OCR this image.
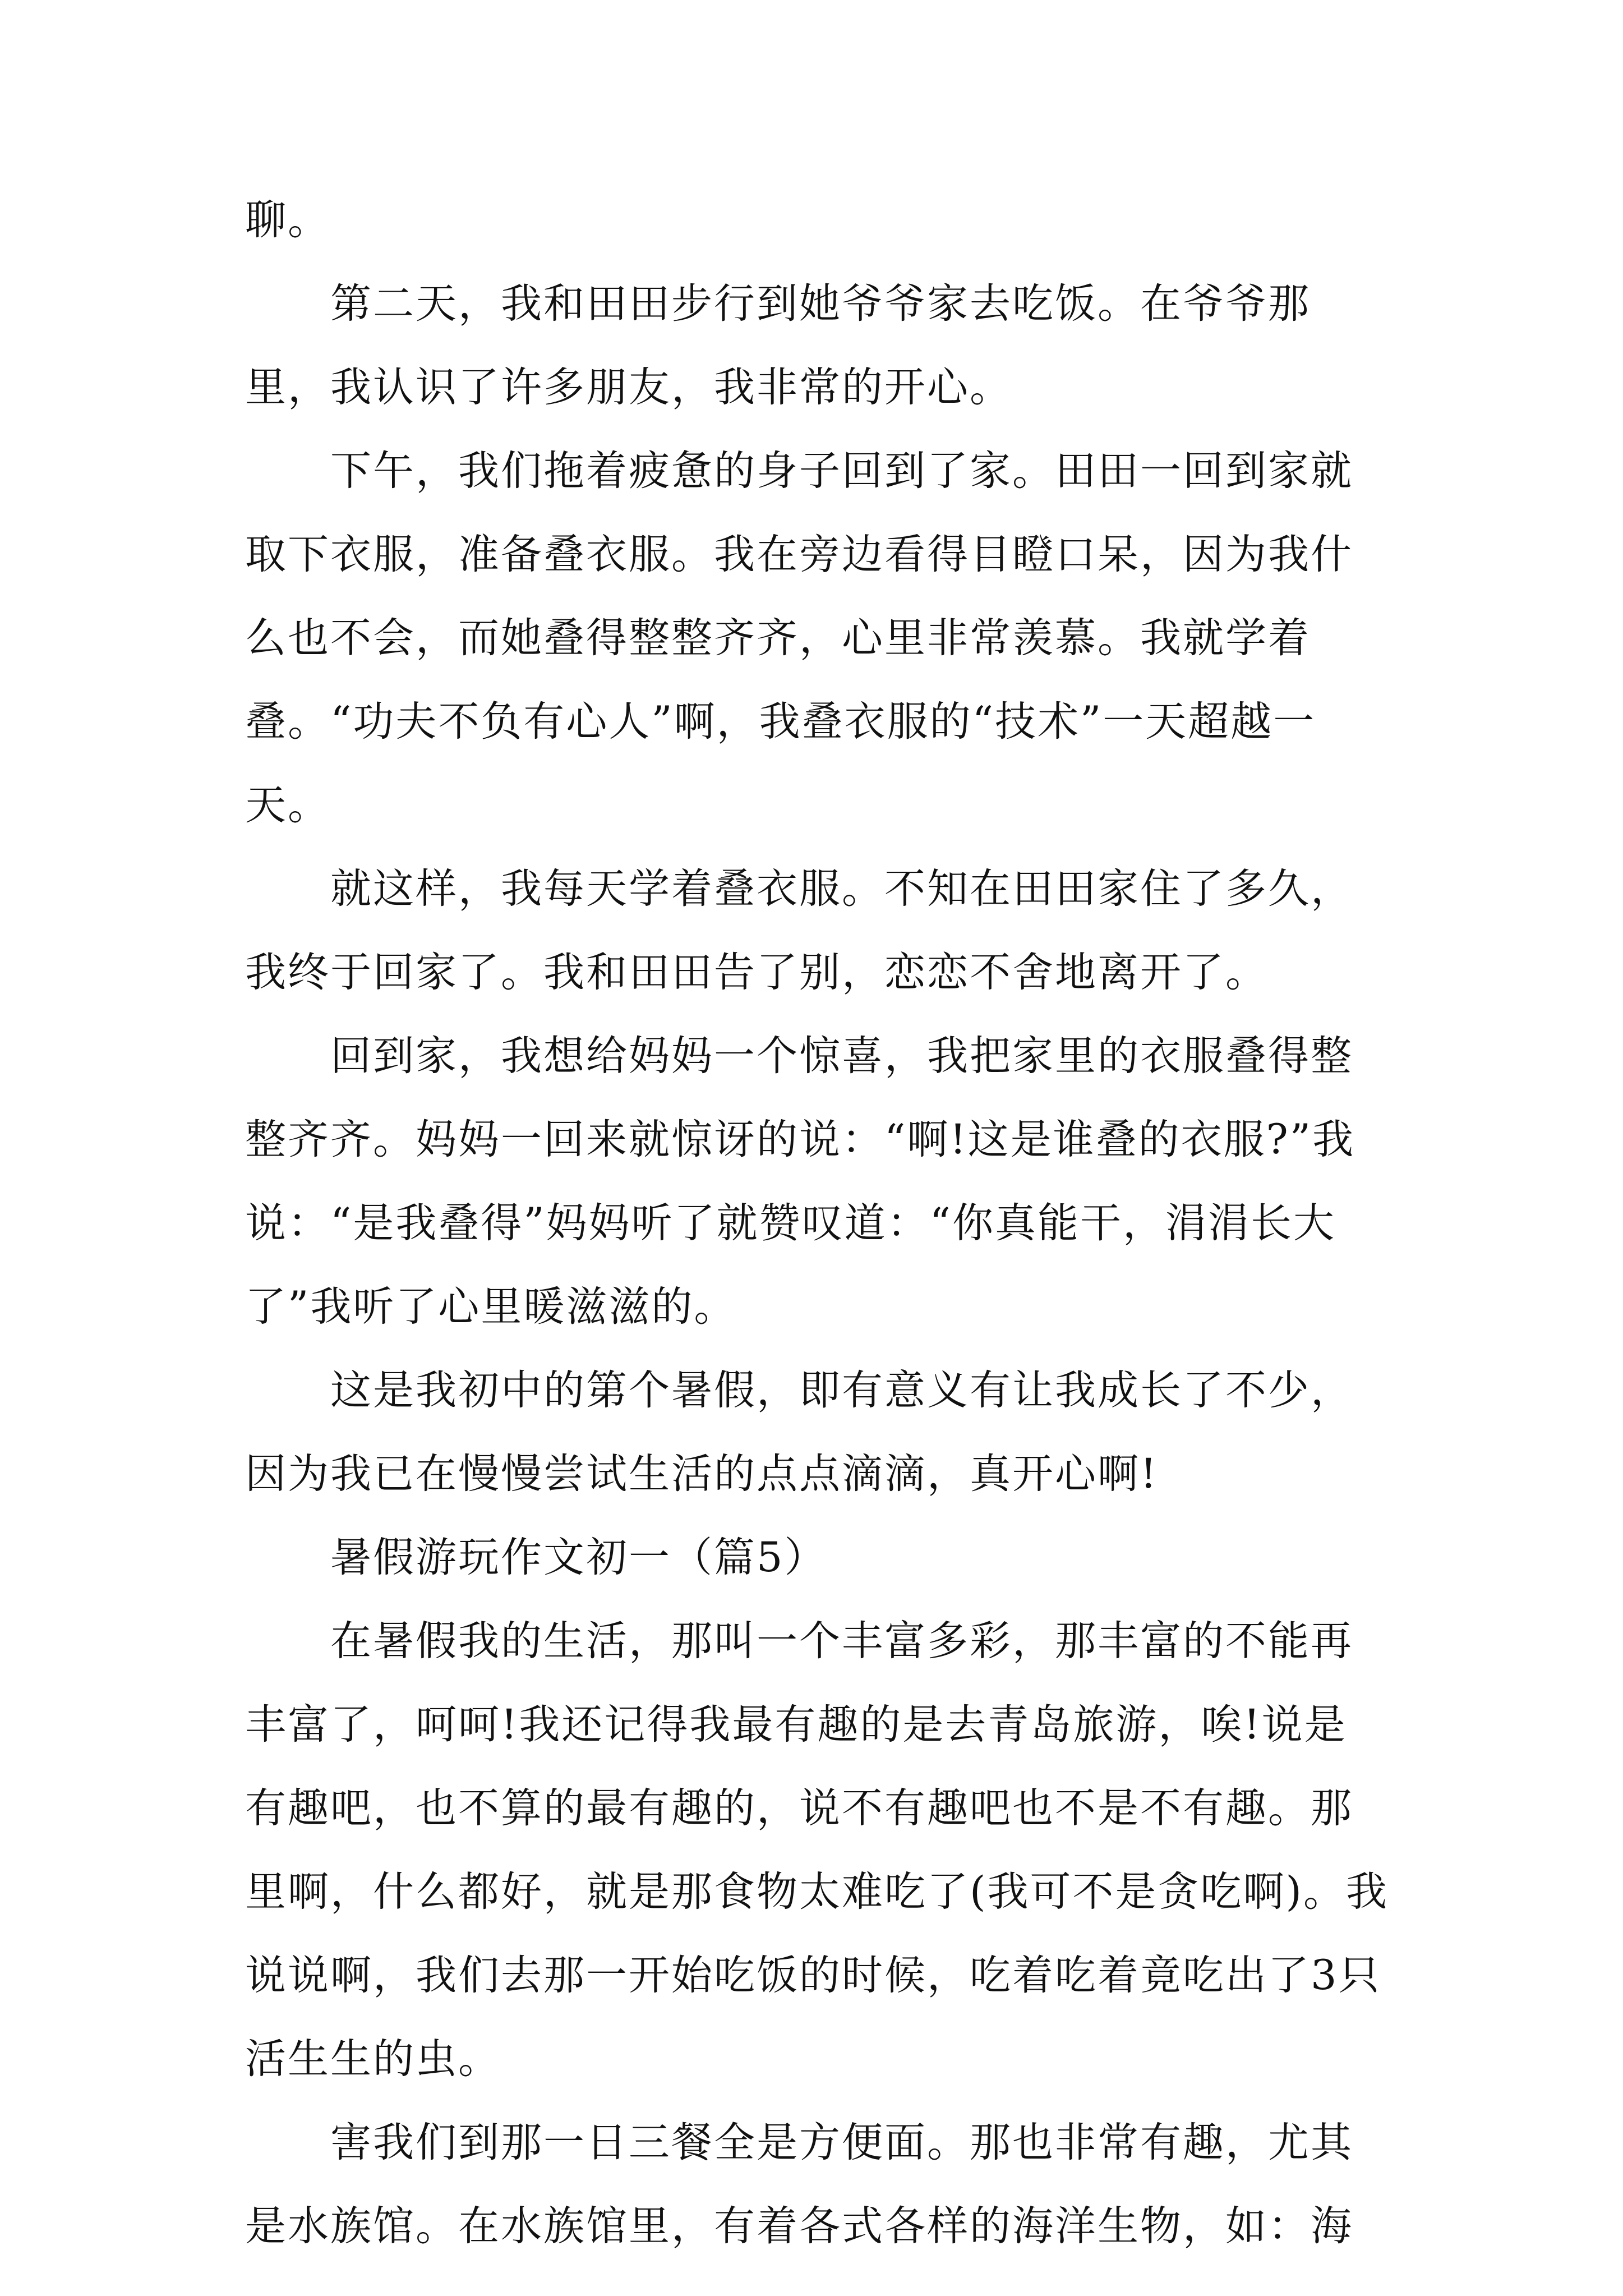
聊。

第二天，我和田田步行到她爷爷家去吃饭。在爷爷那里，我认识了许多朋友，我非常的开心。

下午，我们拖着疲惫的身子回到了家。田田一回到家就取下衣服，准备叠衣服。我在旁边看得目瞪口呆，因为我什么也不会，而她叠得整整齐齐，心里非常羡慕。我就学着叠。“功夫不负有心人”啊，我叠衣服的“技术”一天超越一天。

就这样，我每天学着叠衣服。不知在田田家住了多久，我终于回家了。我和田田告了别，恋恋不舍地离开了。

回到家，我想给妈妈一个惊喜，我把家里的衣服叠得整整齐齐。妈妈一回来就惊讶的说：“啊!这是谁叠的衣服?”我说：“是我叠得”妈妈听了就赞叹道：“你真能干，涓涓长大了”我听了心里暖滋滋的。

这是我初中的第个暑假，即有意义有让我成长了不少，因为我已在慢慢尝试生活的点点滴滴，真开心啊!

暑假游玩作文初一（篇5）

在暑假我的生活，那叫一个丰富多彩，那丰富的不能再丰富了，呵呵!我还记得我最有趣的是去青岛旅游，唉!说是有趣吧，也不算的最有趣的，说不有趣吧也不是不有趣。那里啊，什么都好，就是那食物太难吃了(我可不是贪吃啊)。我说说啊，我们去那一开始吃饭的时候，吃着吃着竟吃出了3只活生生的虫。

害我们到那一日三餐全是方便面。那也非常有趣，尤其是水族馆。在水族馆里，有着各式各样的海洋生物，如：海
